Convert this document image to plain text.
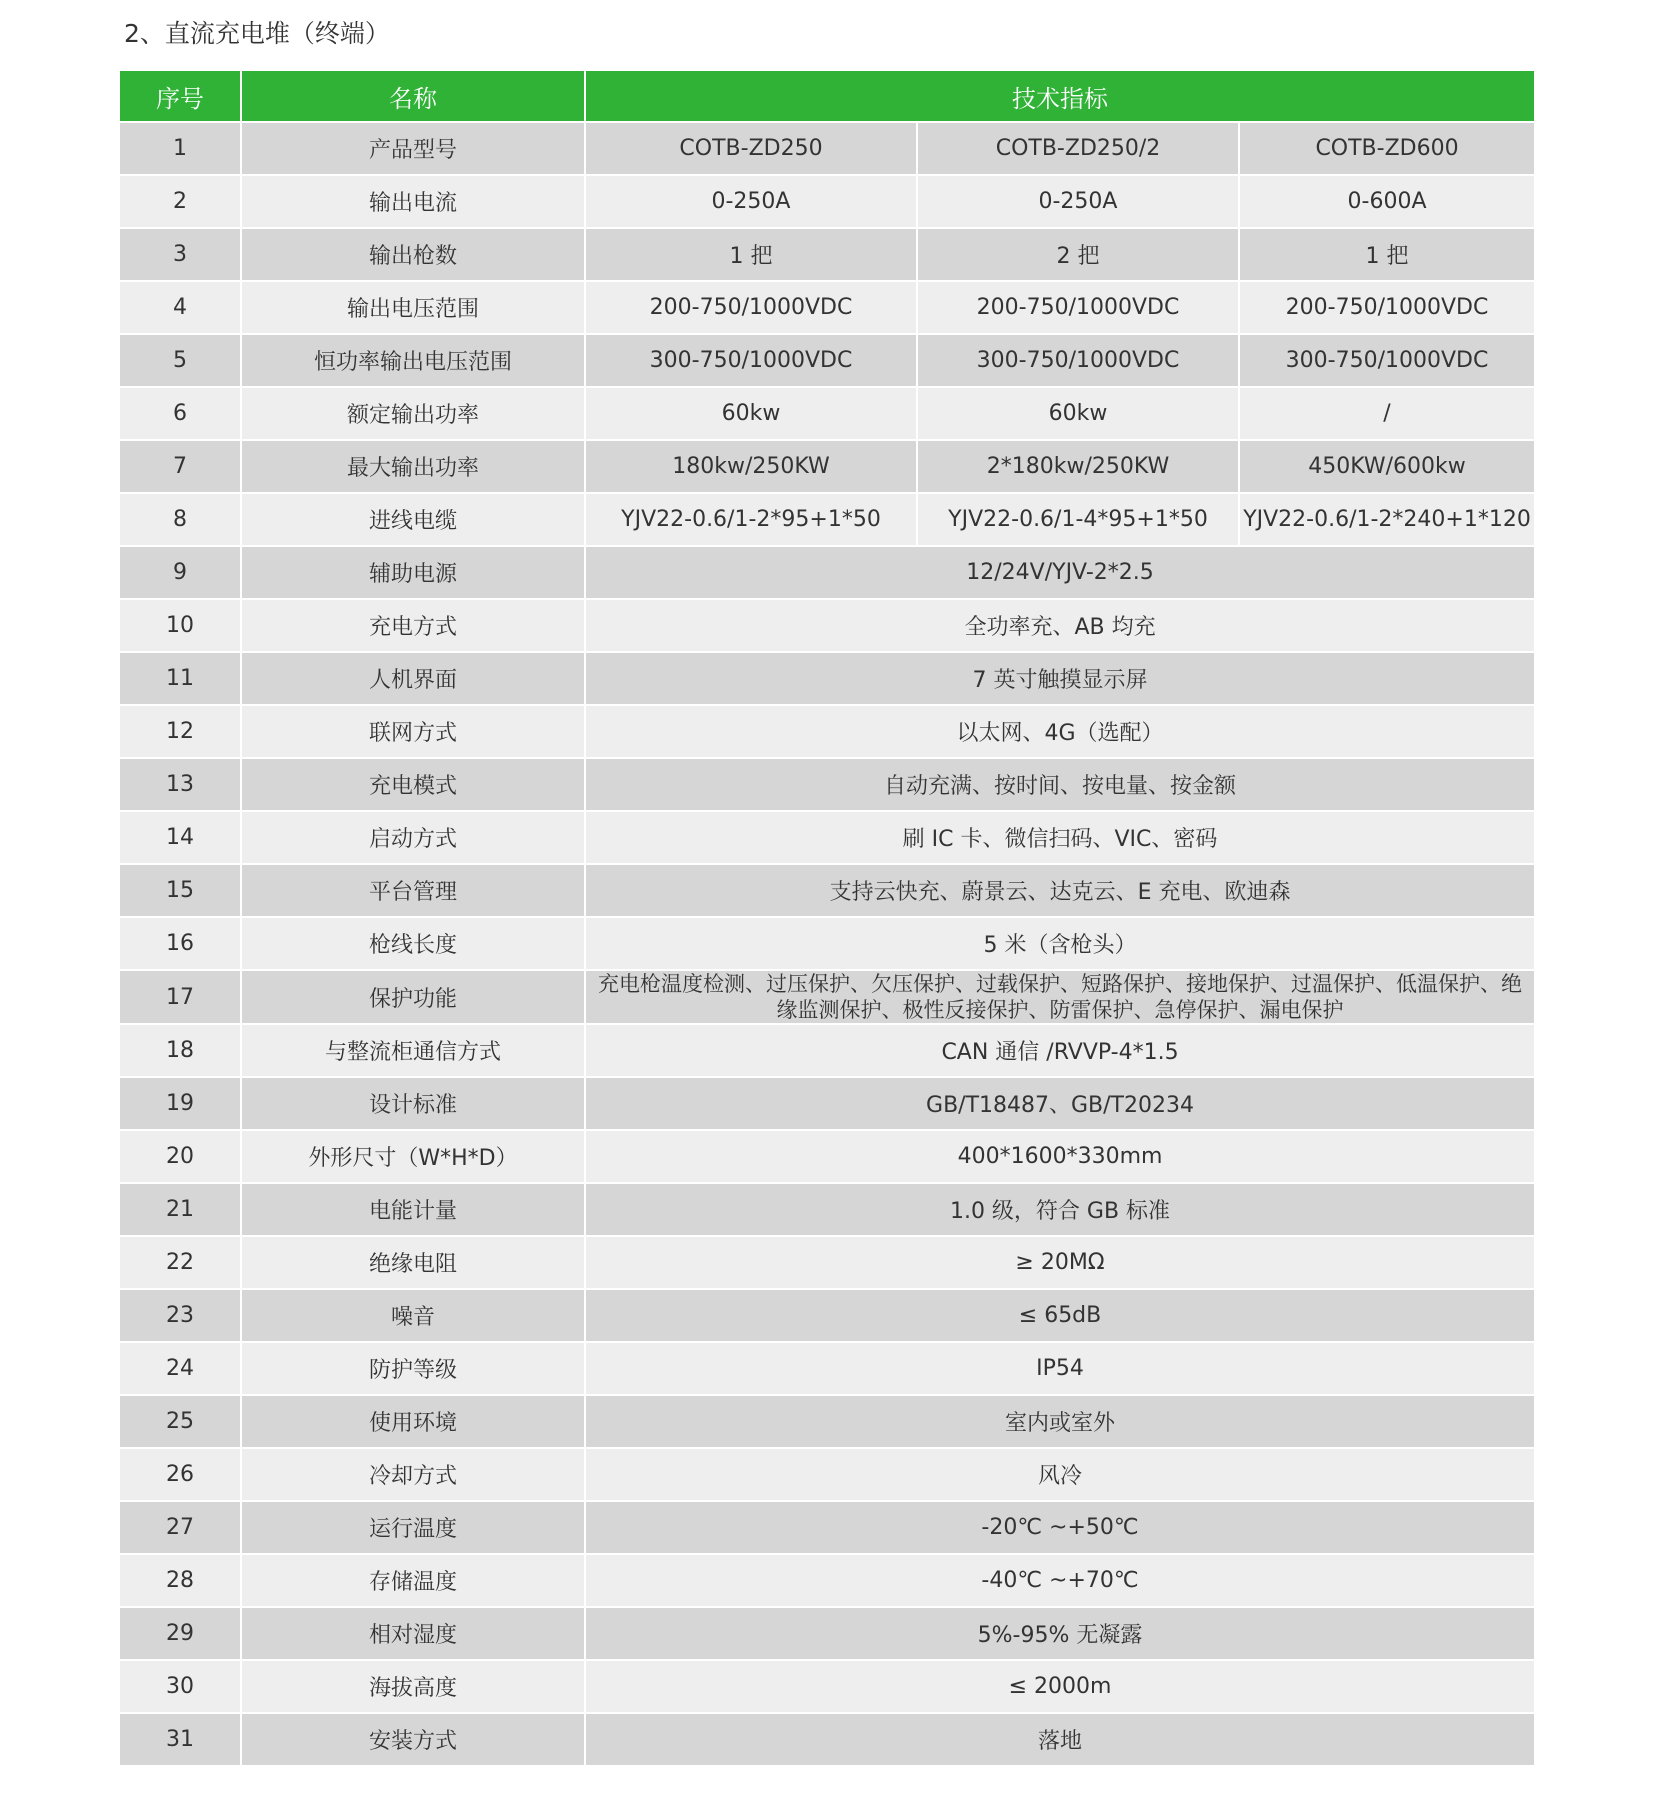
2、直流充电堆（终端）
序号	名称	技术指标		
1	产品型号	COTB-ZD250	COTB-ZD250/2	COTB-ZD600
2	输出电流	0-250A	0-250A	0-600A
3	输出枪数	1 把	2 把	1 把
4	输出电压范围	200-750/1000VDC	200-750/1000VDC	200-750/1000VDC
5	恒功率输出电压范围	300-750/1000VDC	300-750/1000VDC	300-750/1000VDC
6	额定输出功率	60kw	60kw	/
7	最大输出功率	180kw/250KW	2*180kw/250KW	450KW/600kw
8	进线电缆	YJV22-0.6/1-2*95+1*50	YJV22-0.6/1-4*95+1*50	YJV22-0.6/1-2*240+1*120
9	辅助电源	12/24V/YJV-2*2.5		
10	充电方式	全功率充、AB 均充		
11	人机界面	7 英寸触摸显示屏		
12	联网方式	以太网、4G（选配）		
13	充电模式	自动充满、按时间、按电量、按金额		
14	启动方式	刷 IC 卡、微信扫码、VIC、密码		
15	平台管理	支持云快充、蔚景云、达克云、E 充电、欧迪森		
16	枪线长度	5 米（含枪头）		
17	保护功能	充电枪温度检测、过压保护、欠压保护、过载保护、短路保护、接地保护、过温保护、低温保护、绝缘监测保护、极性反接保护、防雷保护、急停保护、漏电保护		
18	与整流柜通信方式	CAN 通信 /RVVP-4*1.5		
19	设计标准	GB/T18487、GB/T20234		
20	外形尺寸（W*H*D）	400*1600*330mm		
21	电能计量	1.0 级，符合 GB 标准		
22	绝缘电阻	≥ 20MΩ		
23	噪音	≤ 65dB		
24	防护等级	IP54		
25	使用环境	室内或室外		
26	冷却方式	风冷		
27	运行温度	-20℃ ~+50℃		
28	存储温度	-40℃ ~+70℃		
29	相对湿度	5%-95% 无凝露		
30	海拔高度	≤ 2000m		
31	安装方式	落地		
